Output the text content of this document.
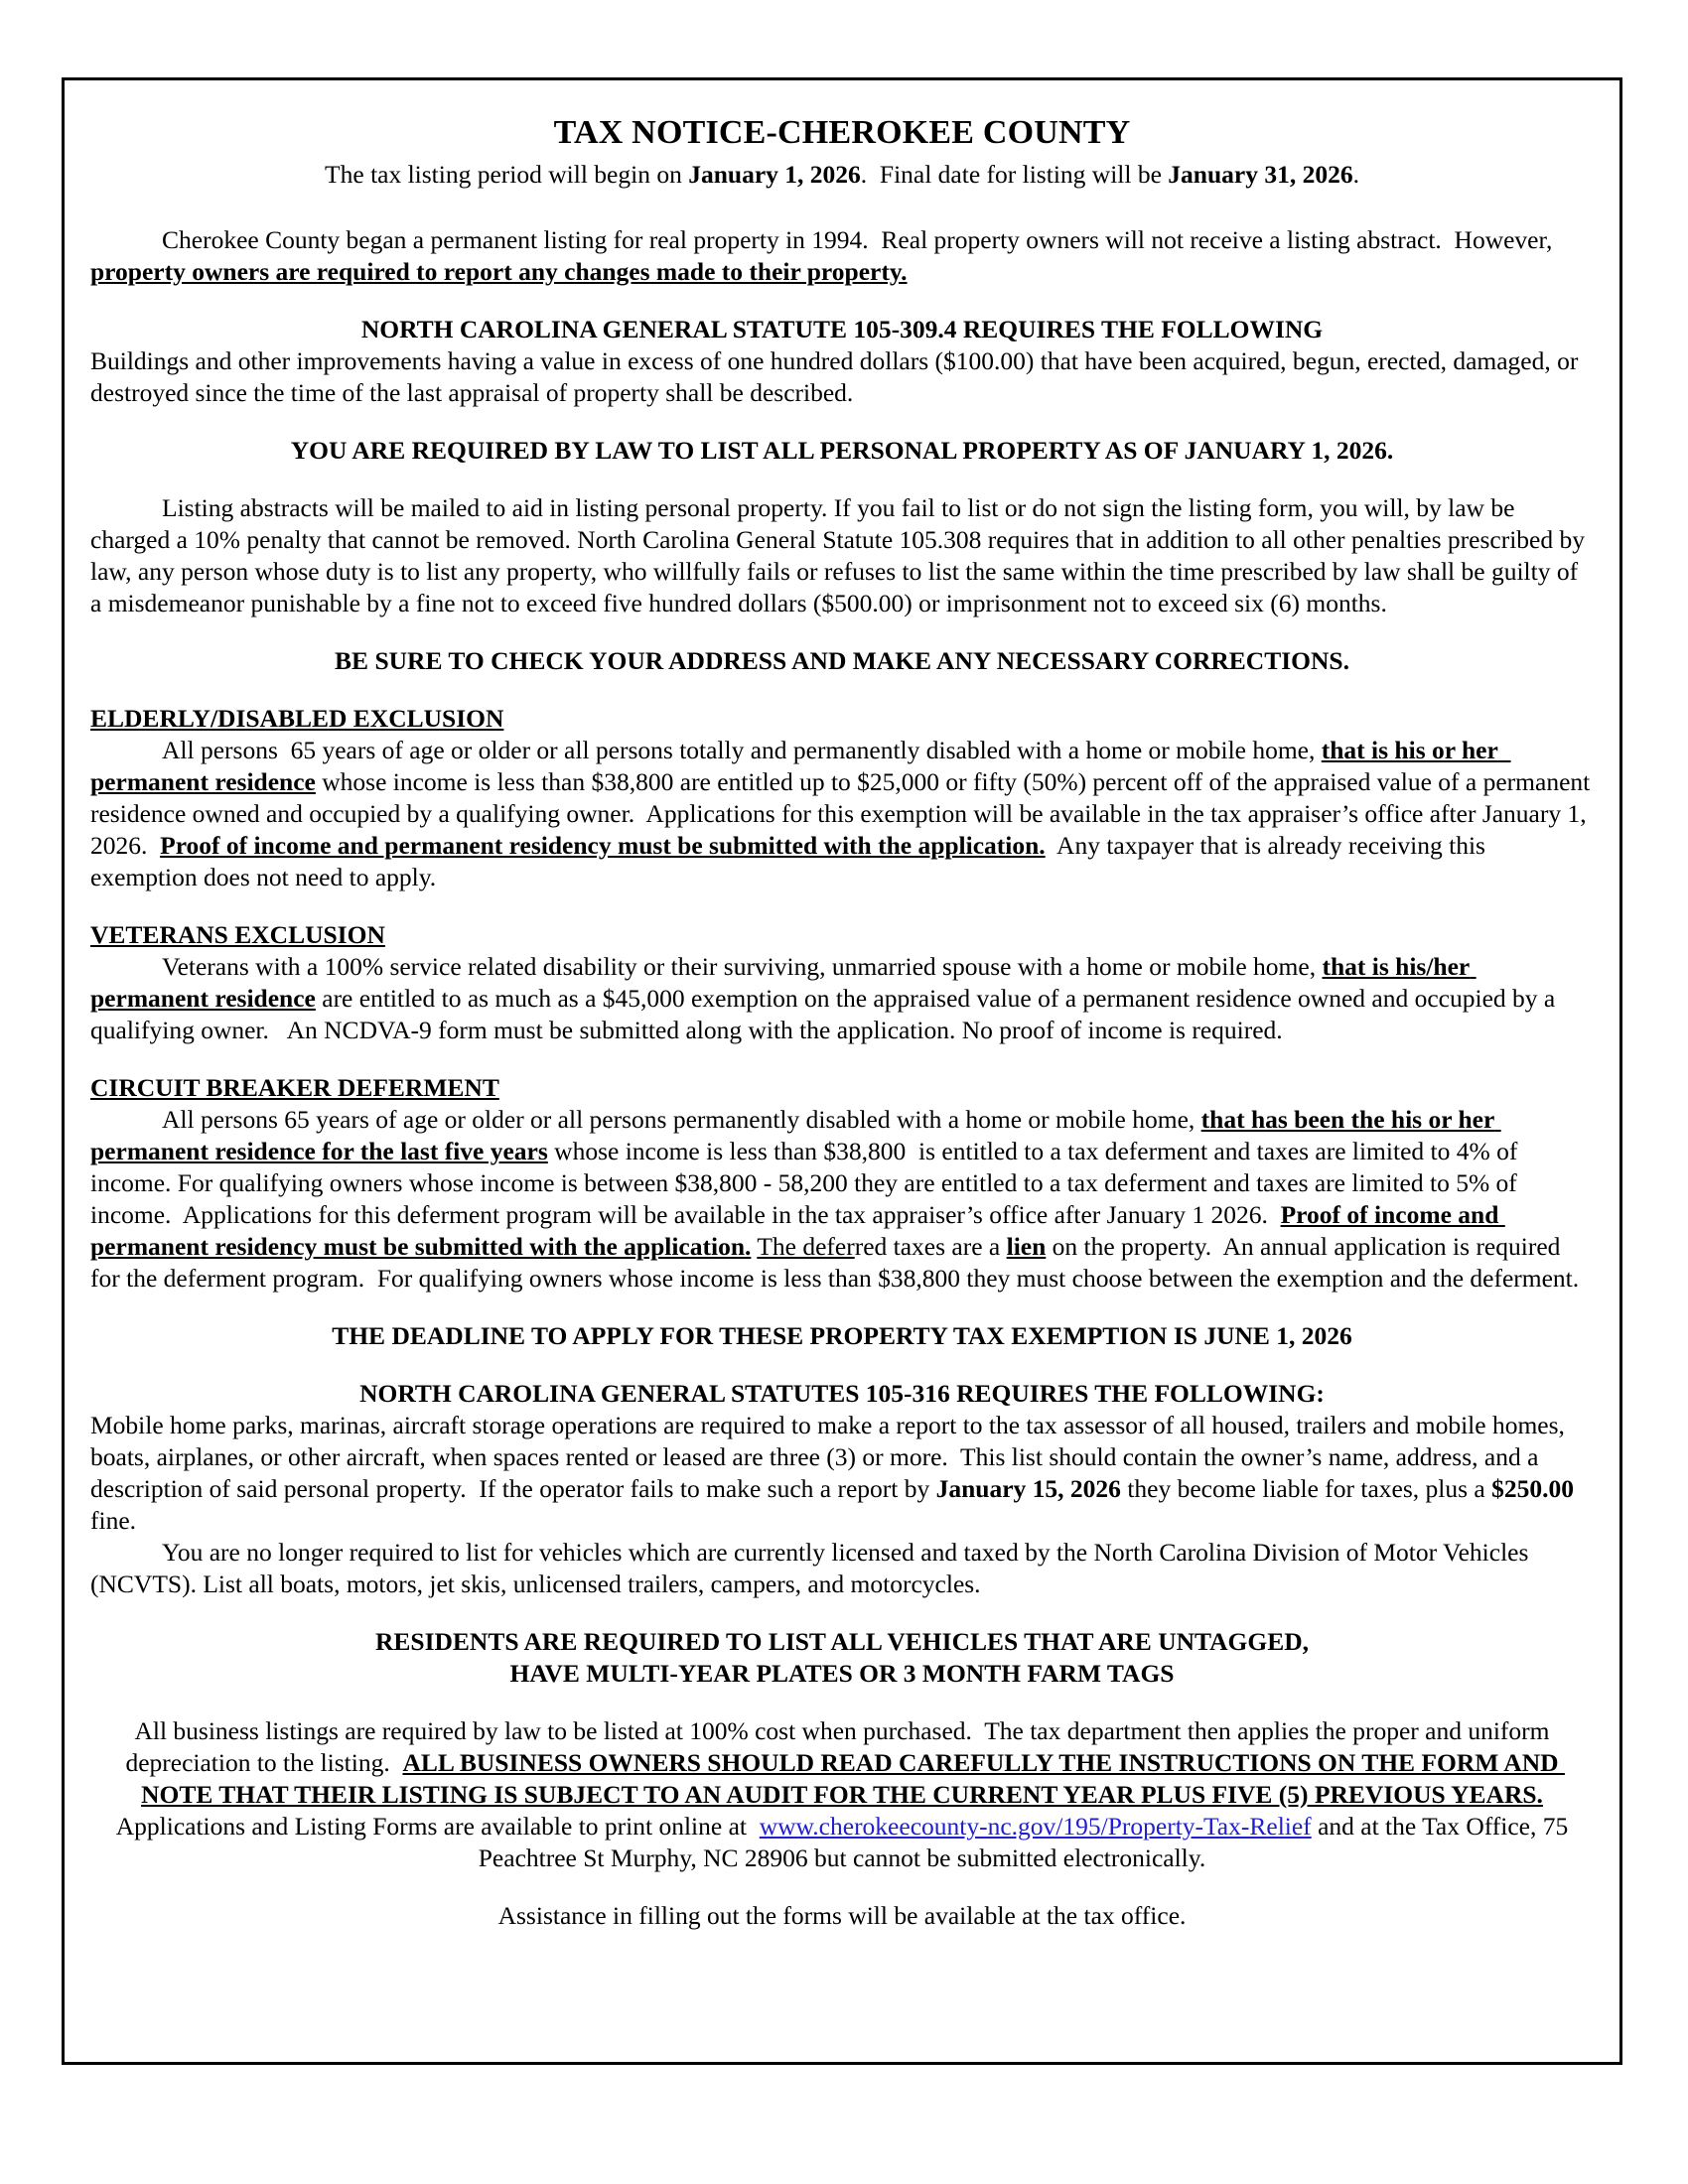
TAX NOTICE-CHEROKEE COUNTY

The tax listing period will begin on January 1, 2026.  Final date for listing will be January 31, 2026.

Cherokee County began a permanent listing for real property in 1994.  Real property owners will not receive a listing abstract.  However, property owners are required to report any changes made to their property.

NORTH CAROLINA GENERAL STATUTE 105-309.4 REQUIRES THE FOLLOWING

Buildings and other improvements having a value in excess of one hundred dollars ($100.00) that have been acquired, begun, erected, damaged, or destroyed since the time of the last appraisal of property shall be described.

YOU ARE REQUIRED BY LAW TO LIST ALL PERSONAL PROPERTY AS OF JANUARY 1, 2026.

Listing abstracts will be mailed to aid in listing personal property. If you fail to list or do not sign the listing form, you will, by law be charged a 10% penalty that cannot be removed. North Carolina General Statute 105.308 requires that in addition to all other penalties prescribed by law, any person whose duty is to list any property, who willfully fails or refuses to list the same within the time prescribed by law shall be guilty of a misdemeanor punishable by a fine not to exceed five hundred dollars ($500.00) or imprisonment not to exceed six (6) months.

BE SURE TO CHECK YOUR ADDRESS AND MAKE ANY NECESSARY CORRECTIONS.

ELDERLY/DISABLED EXCLUSION

All persons  65 years of age or older or all persons totally and permanently disabled with a home or mobile home, that is his or her  permanent residence whose income is less than $38,800 are entitled up to $25,000 or fifty (50%) percent off of the appraised value of a permanent residence owned and occupied by a qualifying owner.  Applications for this exemption will be available in the tax appraiser’s office after January 1, 2026.  Proof of income and permanent residency must be submitted with the application.  Any taxpayer that is already receiving this exemption does not need to apply.

VETERANS EXCLUSION

Veterans with a 100% service related disability or their surviving, unmarried spouse with a home or mobile home, that is his/her permanent residence are entitled to as much as a $45,000 exemption on the appraised value of a permanent residence owned and occupied by a qualifying owner.   An NCDVA-9 form must be submitted along with the application. No proof of income is required.

CIRCUIT BREAKER DEFERMENT

All persons 65 years of age or older or all persons permanently disabled with a home or mobile home, that has been the his or her permanent residence for the last five years whose income is less than $38,800  is entitled to a tax deferment and taxes are limited to 4% of income. For qualifying owners whose income is between $38,800 - 58,200 they are entitled to a tax deferment and taxes are limited to 5% of income.  Applications for this deferment program will be available in the tax appraiser’s office after January 1 2026.  Proof of income and permanent residency must be submitted with the application. The deferred taxes are a lien on the property.  An annual application is required for the deferment program.  For qualifying owners whose income is less than $38,800 they must choose between the exemption and the deferment.

THE DEADLINE TO APPLY FOR THESE PROPERTY TAX EXEMPTION IS JUNE 1, 2026

NORTH CAROLINA GENERAL STATUTES 105-316 REQUIRES THE FOLLOWING:

Mobile home parks, marinas, aircraft storage operations are required to make a report to the tax assessor of all housed, trailers and mobile homes, boats, airplanes, or other aircraft, when spaces rented or leased are three (3) or more.  This list should contain the owner’s name, address, and a description of said personal property.  If the operator fails to make such a report by January 15, 2026 they become liable for taxes, plus a $250.00 fine.

You are no longer required to list for vehicles which are currently licensed and taxed by the North Carolina Division of Motor Vehicles (NCVTS). List all boats, motors, jet skis, unlicensed trailers, campers, and motorcycles.

RESIDENTS ARE REQUIRED TO LIST ALL VEHICLES THAT ARE UNTAGGED,

HAVE MULTI-YEAR PLATES OR 3 MONTH FARM TAGS

All business listings are required by law to be listed at 100% cost when purchased.  The tax department then applies the proper and uniform depreciation to the listing.  ALL BUSINESS OWNERS SHOULD READ CAREFULLY THE INSTRUCTIONS ON THE FORM AND NOTE THAT THEIR LISTING IS SUBJECT TO AN AUDIT FOR THE CURRENT YEAR PLUS FIVE (5) PREVIOUS YEARS.

Applications and Listing Forms are available to print online at  www.cherokeecounty-nc.gov/195/Property-Tax-Relief and at the Tax Office, 75 Peachtree St Murphy, NC 28906 but cannot be submitted electronically.

Assistance in filling out the forms will be available at the tax office.
